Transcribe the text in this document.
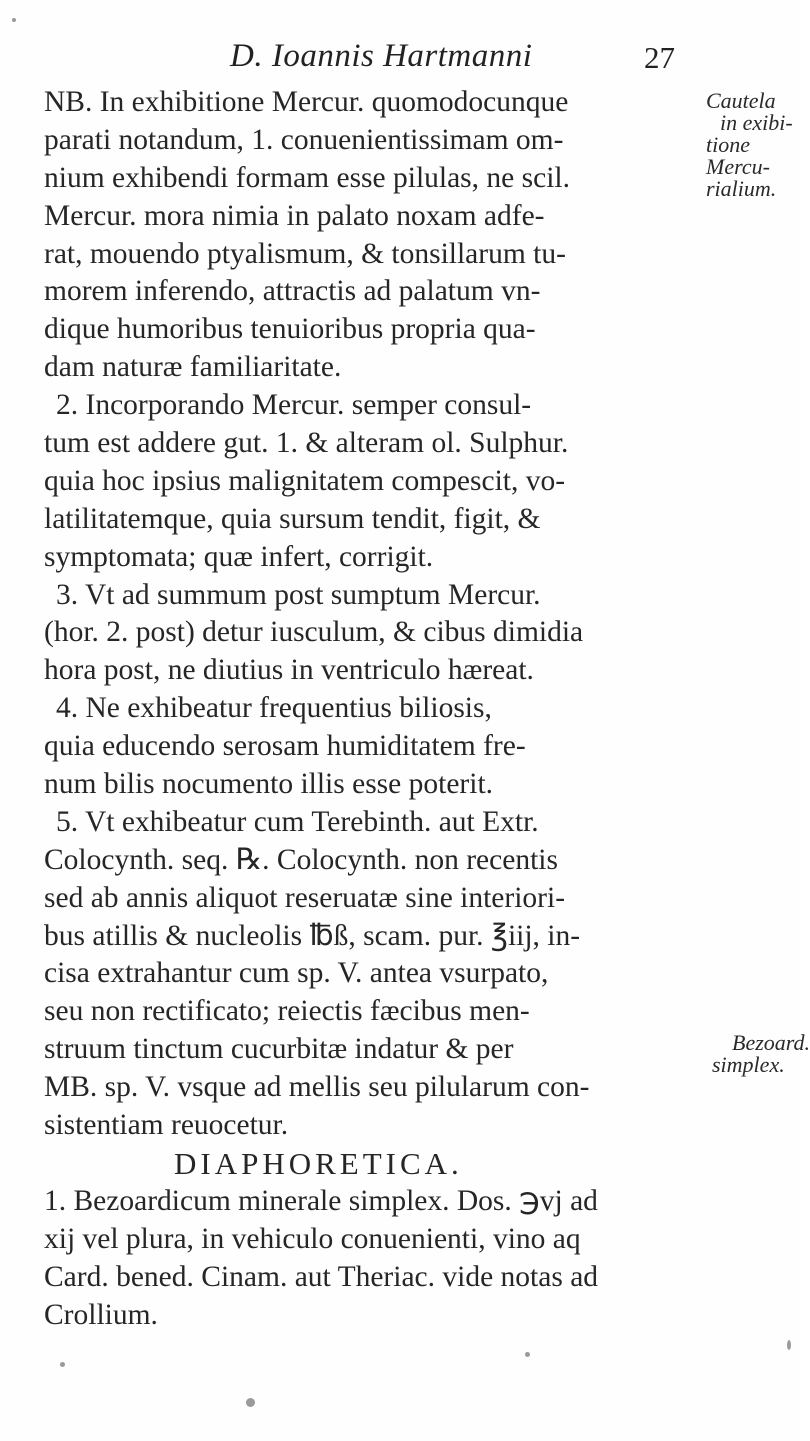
D. Ioannis Hartmanni	27
NB. In exhibitione Mercur. quomodocunque
parati notandum, 1. conuenientissimam om-
nium exhibendi formam esse pilulas, ne scil.
Mercur. mora nimia in palato noxam adfe-
rat, mouendo ptyalismum, & tonsillarum tu-
morem inferendo, attractis ad palatum vn-
dique humoribus tenuioribus propria qua-
dam naturæ familiaritate.
2. Incorporando Mercur. semper consul-
tum est addere gut. 1. & alteram ol. Sulphur.
quia hoc ipsius malignitatem compescit, vo-
latilitatemque, quia sursum tendit, figit, &
symptomata; quæ infert, corrigit.
3. Vt ad summum post sumptum Mercur.
(hor. 2. post) detur iusculum, & cibus dimidia
hora post, ne diutius in ventriculo hæreat.
4. Ne exhibeatur frequentius biliosis,
quia educendo serosam humiditatem fre-
num bilis nocumento illis esse poterit.
5. Vt exhibeatur cum Terebinth. aut Extr.
Colocynth. seq. ℞. Colocynth. non recentis
sed ab annis aliquot reseruatæ sine interiori-
bus atillis & nucleolis ℔ß, scam. pur. ℥iij, in-
cisa extrahantur cum sp. V. antea vsurpato,
seu non rectificato; reiectis fæcibus men-
struum tinctum cucurbitæ indatur & per
MB. sp. V. vsque ad mellis seu pilularum con-
sistentiam reuocetur.
DIAPHORETICA.
1. Bezoardicum minerale simplex. Dos. ℈vj ad
xij vel plura, in vehiculo conuenienti, vino aq
Card. bened. Cinam. aut Theriac. vide notas ad
Crollium.
Cautela
in exibi-
tione
Mercu-
rialium.
Bezoard.
simplex.
